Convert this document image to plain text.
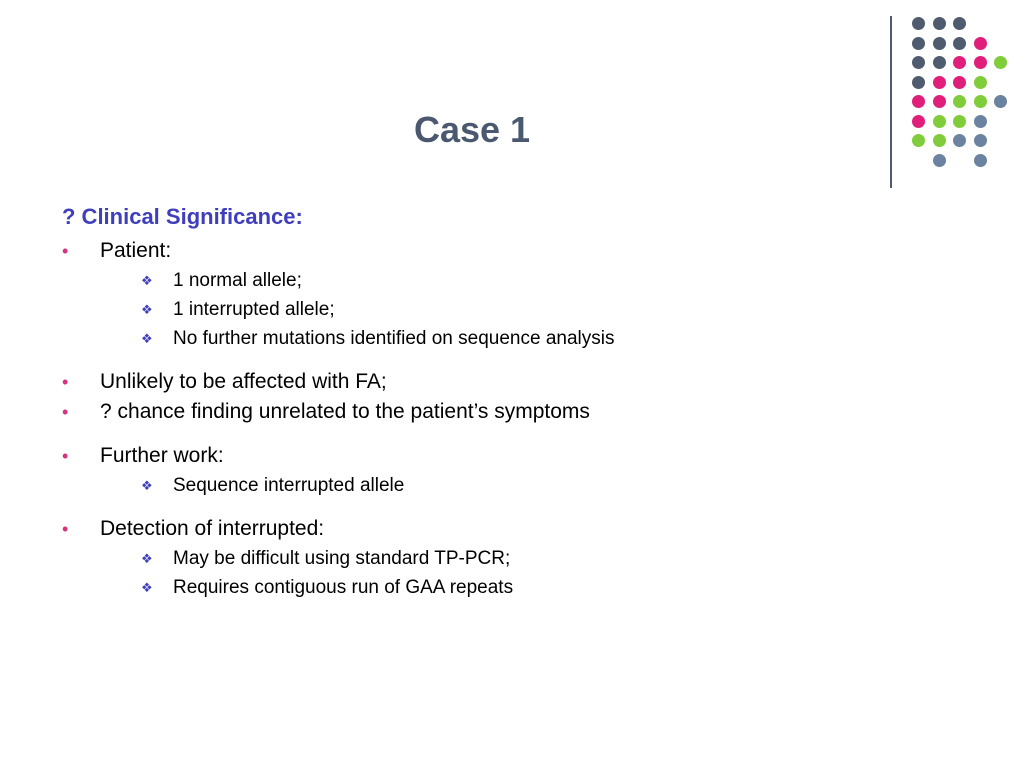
Case 1
? Clinical Significance:
• Patient:
❖ 1 normal allele;
❖ 1 interrupted allele;
❖ No further mutations identified on sequence analysis
• Unlikely to be affected with FA;
• ? chance finding unrelated to the patient’s symptoms
• Further work:
❖ Sequence interrupted allele
• Detection of interrupted:
❖ May be difficult using standard TP-PCR;
❖ Requires contiguous run of GAA repeats
